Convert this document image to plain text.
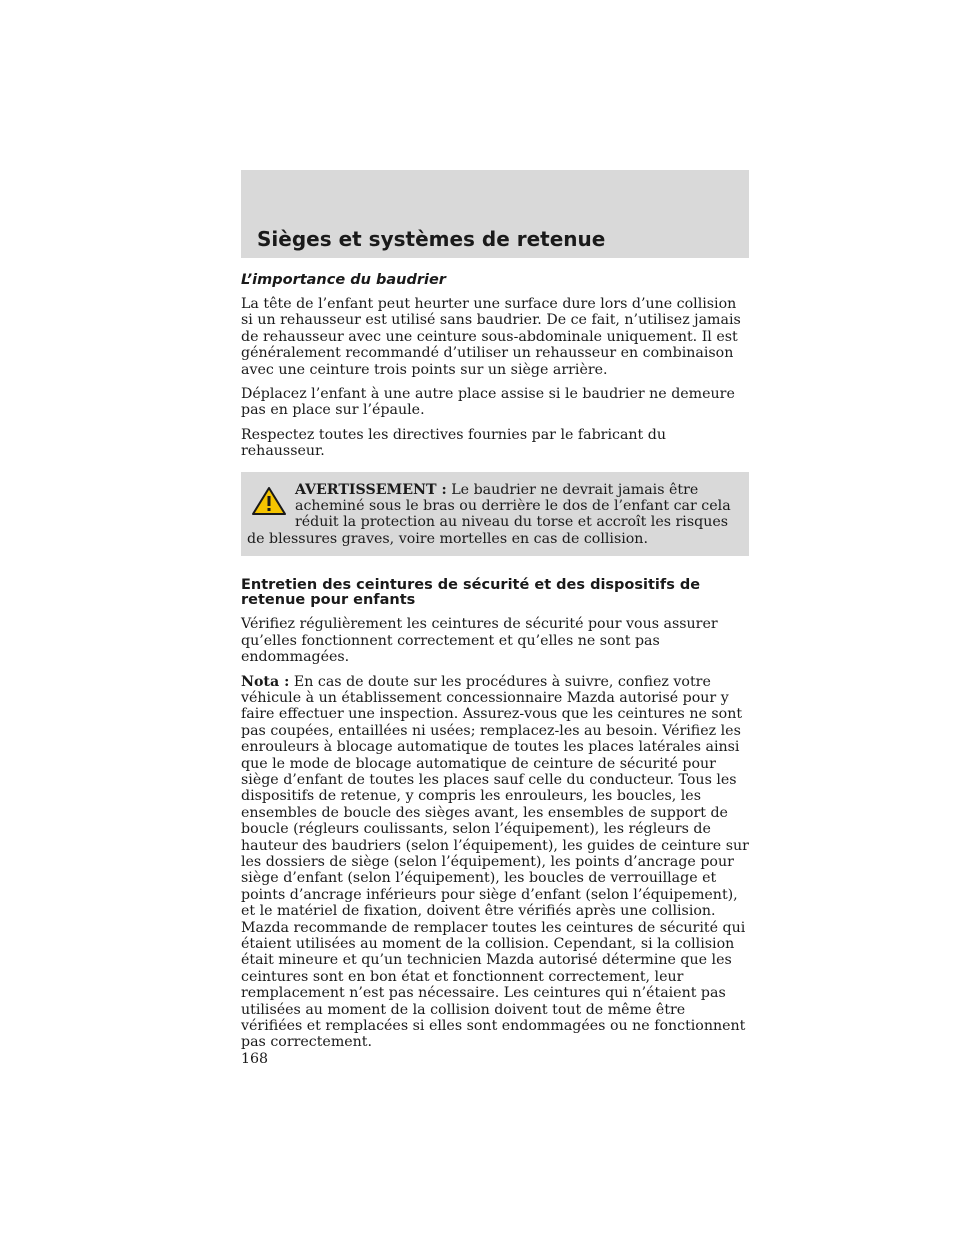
Sièges et systèmes de retenue
L’importance du baudrier

La tête de l’enfant peut heurter une surface dure lors d’une collision si un rehausseur est utilisé sans baudrier. De ce fait, n’utilisez jamais de rehausseur avec une ceinture sous-abdominale uniquement. Il est généralement recommandé d’utiliser un rehausseur en combinaison avec une ceinture trois points sur un siège arrière.

Déplacez l’enfant à une autre place assise si le baudrier ne demeure pas en place sur l’épaule.

Respectez toutes les directives fournies par le fabricant du rehausseur.

AVERTISSEMENT : Le baudrier ne devrait jamais être acheminé sous le bras ou derrière le dos de l’enfant car cela réduit la protection au niveau du torse et accroît les risques de blessures graves, voire mortelles en cas de collision.
Entretien des ceintures de sécurité et des dispositifs de retenue pour enfants

Vérifiez régulièrement les ceintures de sécurité pour vous assurer qu’elles fonctionnent correctement et qu’elles ne sont pas endommagées.

Nota : En cas de doute sur les procédures à suivre, confiez votre véhicule à un établissement concessionnaire Mazda autorisé pour y faire effectuer une inspection. Assurez-vous que les ceintures ne sont pas coupées, entaillées ni usées; remplacez-les au besoin. Vérifiez les enrouleurs à blocage automatique de toutes les places latérales ainsi que le mode de blocage automatique de ceinture de sécurité pour siège d’enfant de toutes les places sauf celle du conducteur. Tous les dispositifs de retenue, y compris les enrouleurs, les boucles, les ensembles de boucle des sièges avant, les ensembles de support de boucle (régleurs coulissants, selon l’équipement), les régleurs de hauteur des baudriers (selon l’équipement), les guides de ceinture sur les dossiers de siège (selon l’équipement), les points d’ancrage pour siège d’enfant (selon l’équipement), les boucles de verrouillage et points d’ancrage inférieurs pour siège d’enfant (selon l’équipement), et le matériel de fixation, doivent être vérifiés après une collision. Mazda recommande de remplacer toutes les ceintures de sécurité qui étaient utilisées au moment de la collision. Cependant, si la collision était mineure et qu’un technicien Mazda autorisé détermine que les ceintures sont en bon état et fonctionnent correctement, leur remplacement n’est pas nécessaire. Les ceintures qui n’étaient pas utilisées au moment de la collision doivent tout de même être vérifiées et remplacées si elles sont endommagées ou ne fonctionnent pas correctement.

168
